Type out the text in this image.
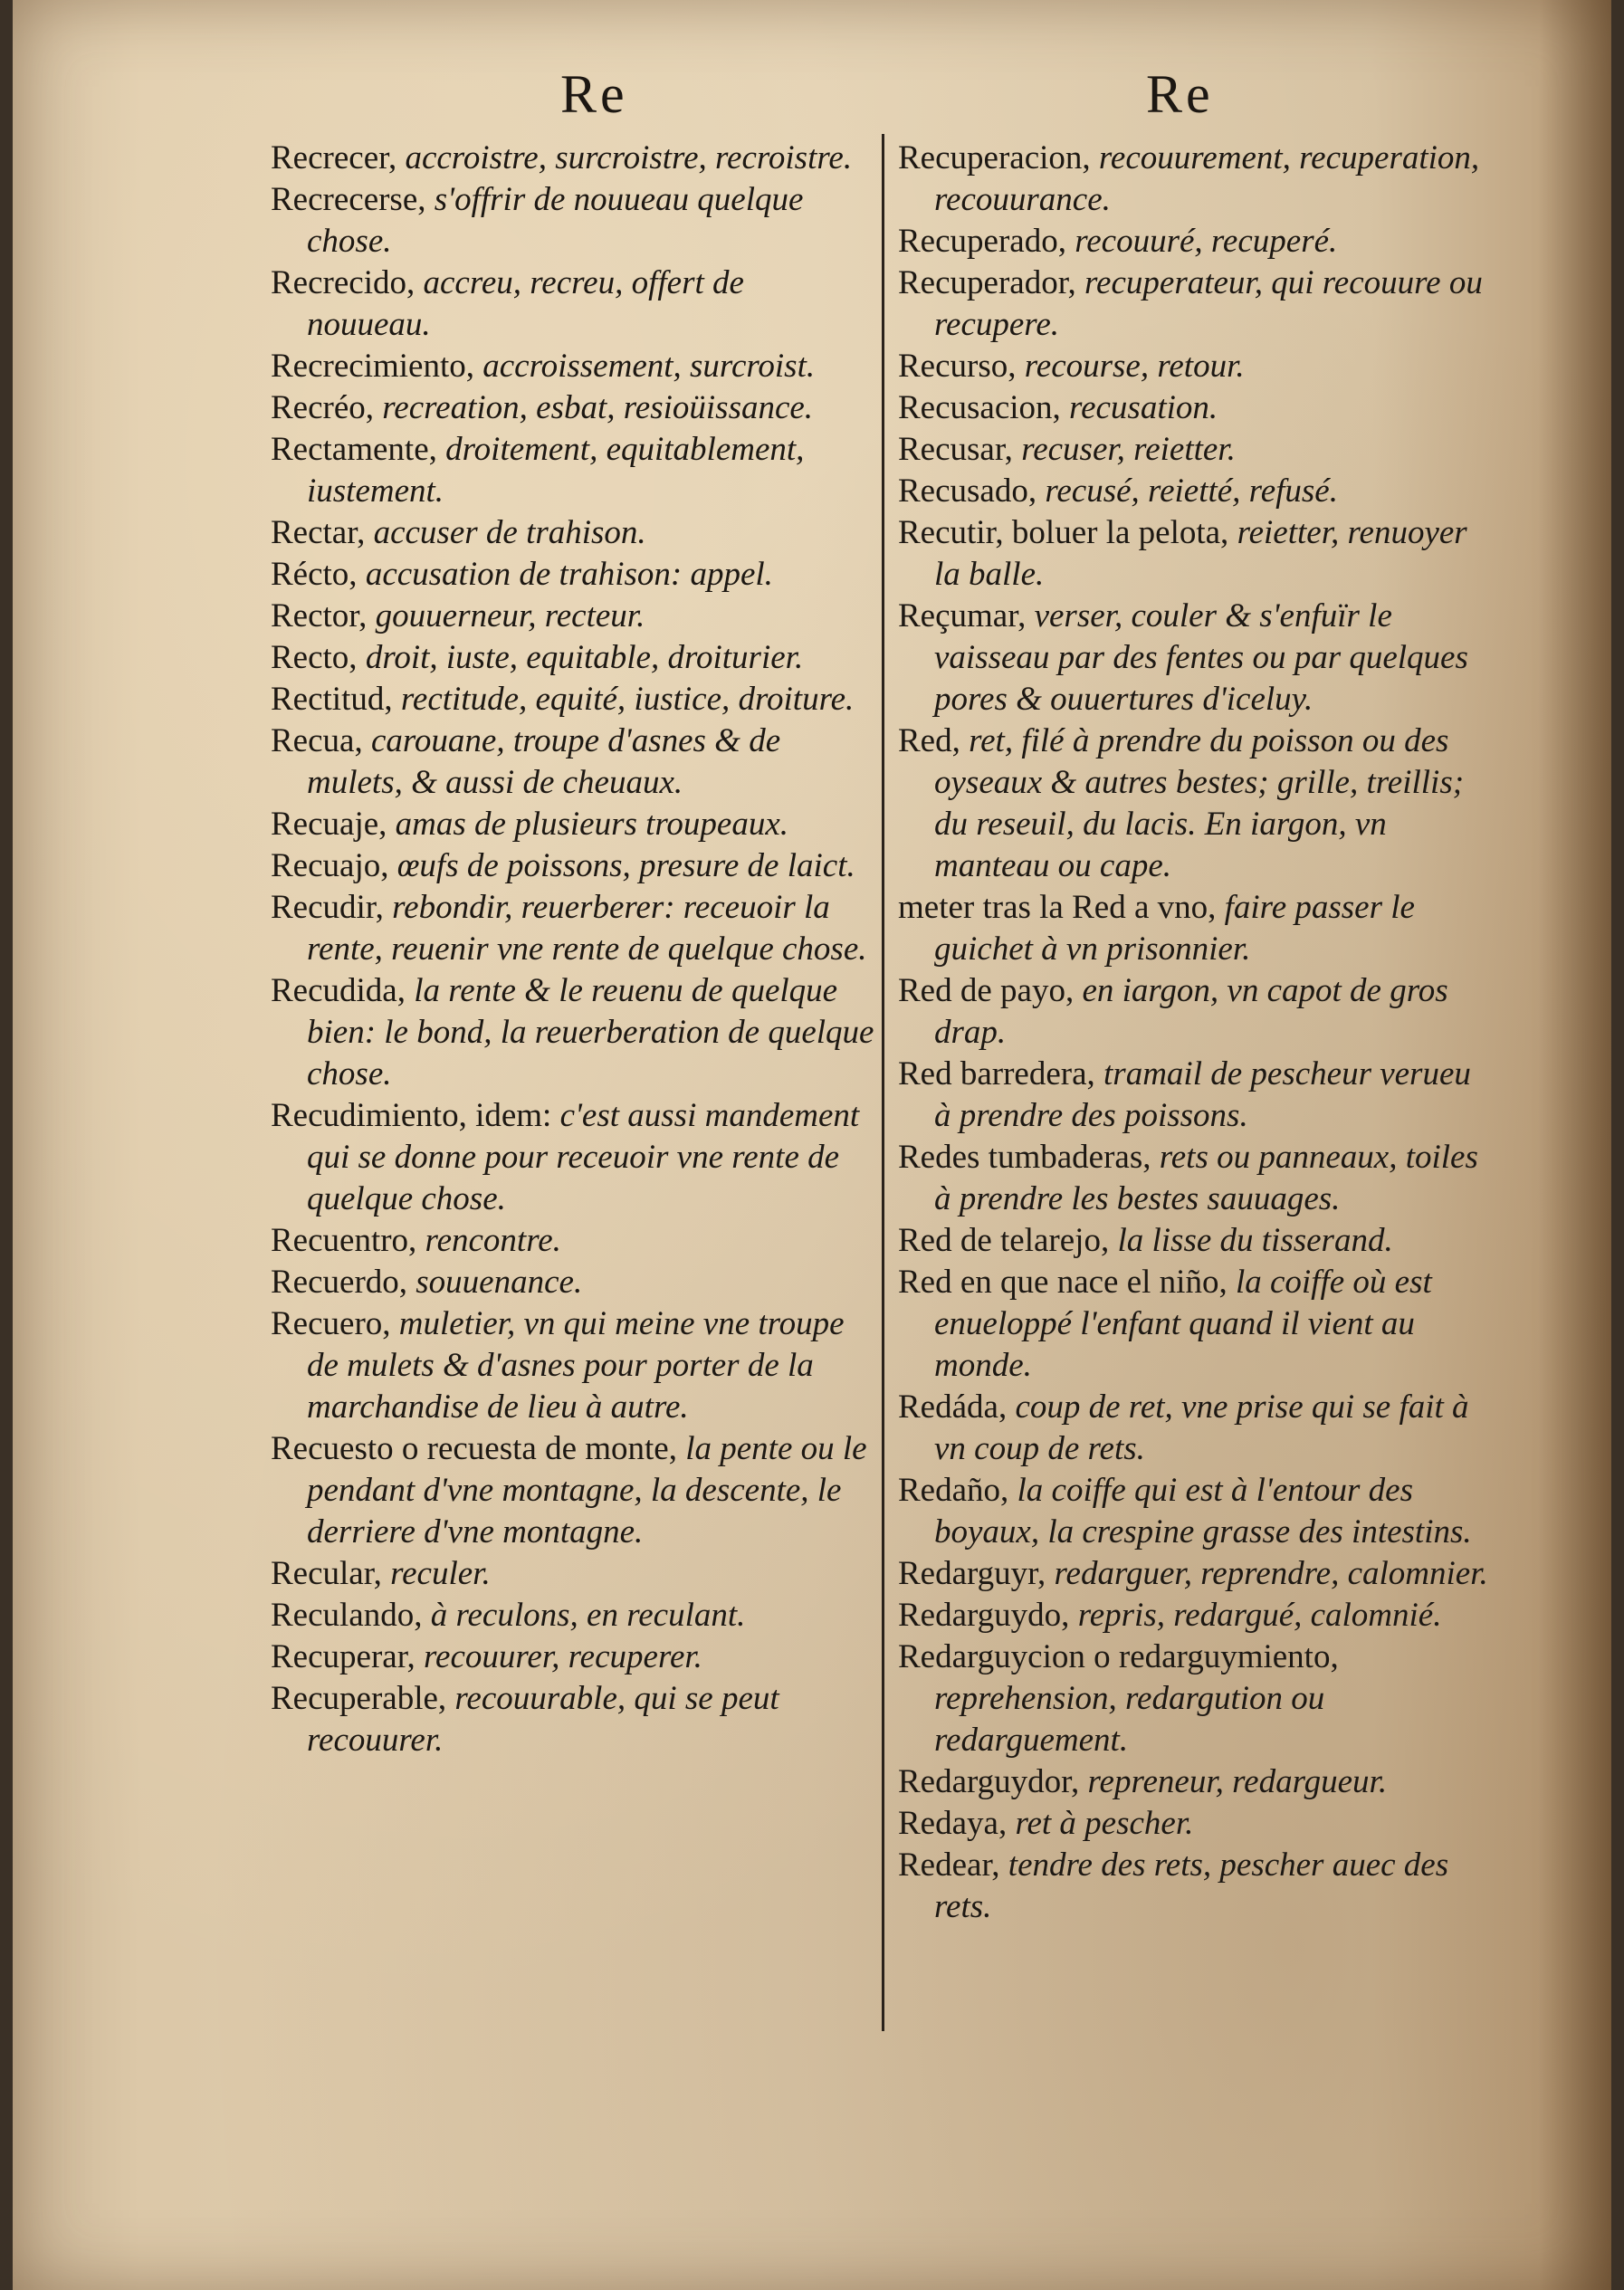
Re	Re

Recrecer, accroistre, surcroistre, recroistre.

Recrecerse, s'offrir de nouueau quelque chose.

Recrecido, accreu, recreu, offert de nouueau.

Recrecimiento, accroissement, surcroist.

Recréo, recreation, esbat, resioüissance.

Rectamente, droitement, equitablement, iustement.

Rectar, accuser de trahison.

Récto, accusation de trahison: appel.

Rector, gouuerneur, recteur.

Recto, droit, iuste, equitable, droiturier.

Rectitud, rectitude, equité, iustice, droiture.

Recua, carouane, troupe d'asnes & de mulets, & aussi de cheuaux.

Recuaje, amas de plusieurs troupeaux.

Recuajo, œufs de poissons, presure de laict.

Recudir, rebondir, reuerberer: receuoir la rente, reuenir vne rente de quelque chose.

Recudida, la rente & le reuenu de quelque bien: le bond, la reuerberation de quelque chose.

Recudimiento, idem: c'est aussi mandement qui se donne pour receuoir vne rente de quelque chose.

Recuentro, rencontre.

Recuerdo, souuenance.

Recuero, muletier, vn qui meine vne troupe de mulets & d'asnes pour porter de la marchandise de lieu à autre.

Recuesto o recuesta de monte, la pente ou le pendant d'vne montagne, la descente, le derriere d'vne montagne.

Recular, reculer.

Reculando, à reculons, en reculant.

Recuperar, recouurer, recuperer.

Recuperable, recouurable, qui se peut recouurer.

Recuperacion, recouurement, recuperation, recouurance.

Recuperado, recouuré, recuperé.

Recuperador, recuperateur, qui recouure ou recupere.

Recurso, recourse, retour.

Recusacion, recusation.

Recusar, recuser, reietter.

Recusado, recusé, reietté, refusé.

Recutir, boluer la pelota, reietter, renuoyer la balle.

Reçumar, verser, couler & s'enfuïr le vaisseau par des fentes ou par quelques pores & ouuertures d'iceluy.

Red, ret, filé à prendre du poisson ou des oyseaux & autres bestes; grille, treillis; du reseuil, du lacis. En iargon, vn manteau ou cape.

meter tras la Red a vno, faire passer le guichet à vn prisonnier.

Red de payo, en iargon, vn capot de gros drap.

Red barredera, tramail de pescheur verueu à prendre des poissons.

Redes tumbaderas, rets ou panneaux, toiles à prendre les bestes sauuages.

Red de telarejo, la lisse du tisserand.

Red en que nace el niño, la coiffe où est enueloppé l'enfant quand il vient au monde.

Redáda, coup de ret, vne prise qui se fait à vn coup de rets.

Redaño, la coiffe qui est à l'entour des boyaux, la crespine grasse des intestins.

Redarguyr, redarguer, reprendre, calomnier.

Redarguydo, repris, redargué, calomnié.

Redarguycion o redarguymiento, reprehension, redargution ou redarguement.

Redarguydor, repreneur, redargueur.

Redaya, ret à pescher.

Redear, tendre des rets, pescher auec des rets.
